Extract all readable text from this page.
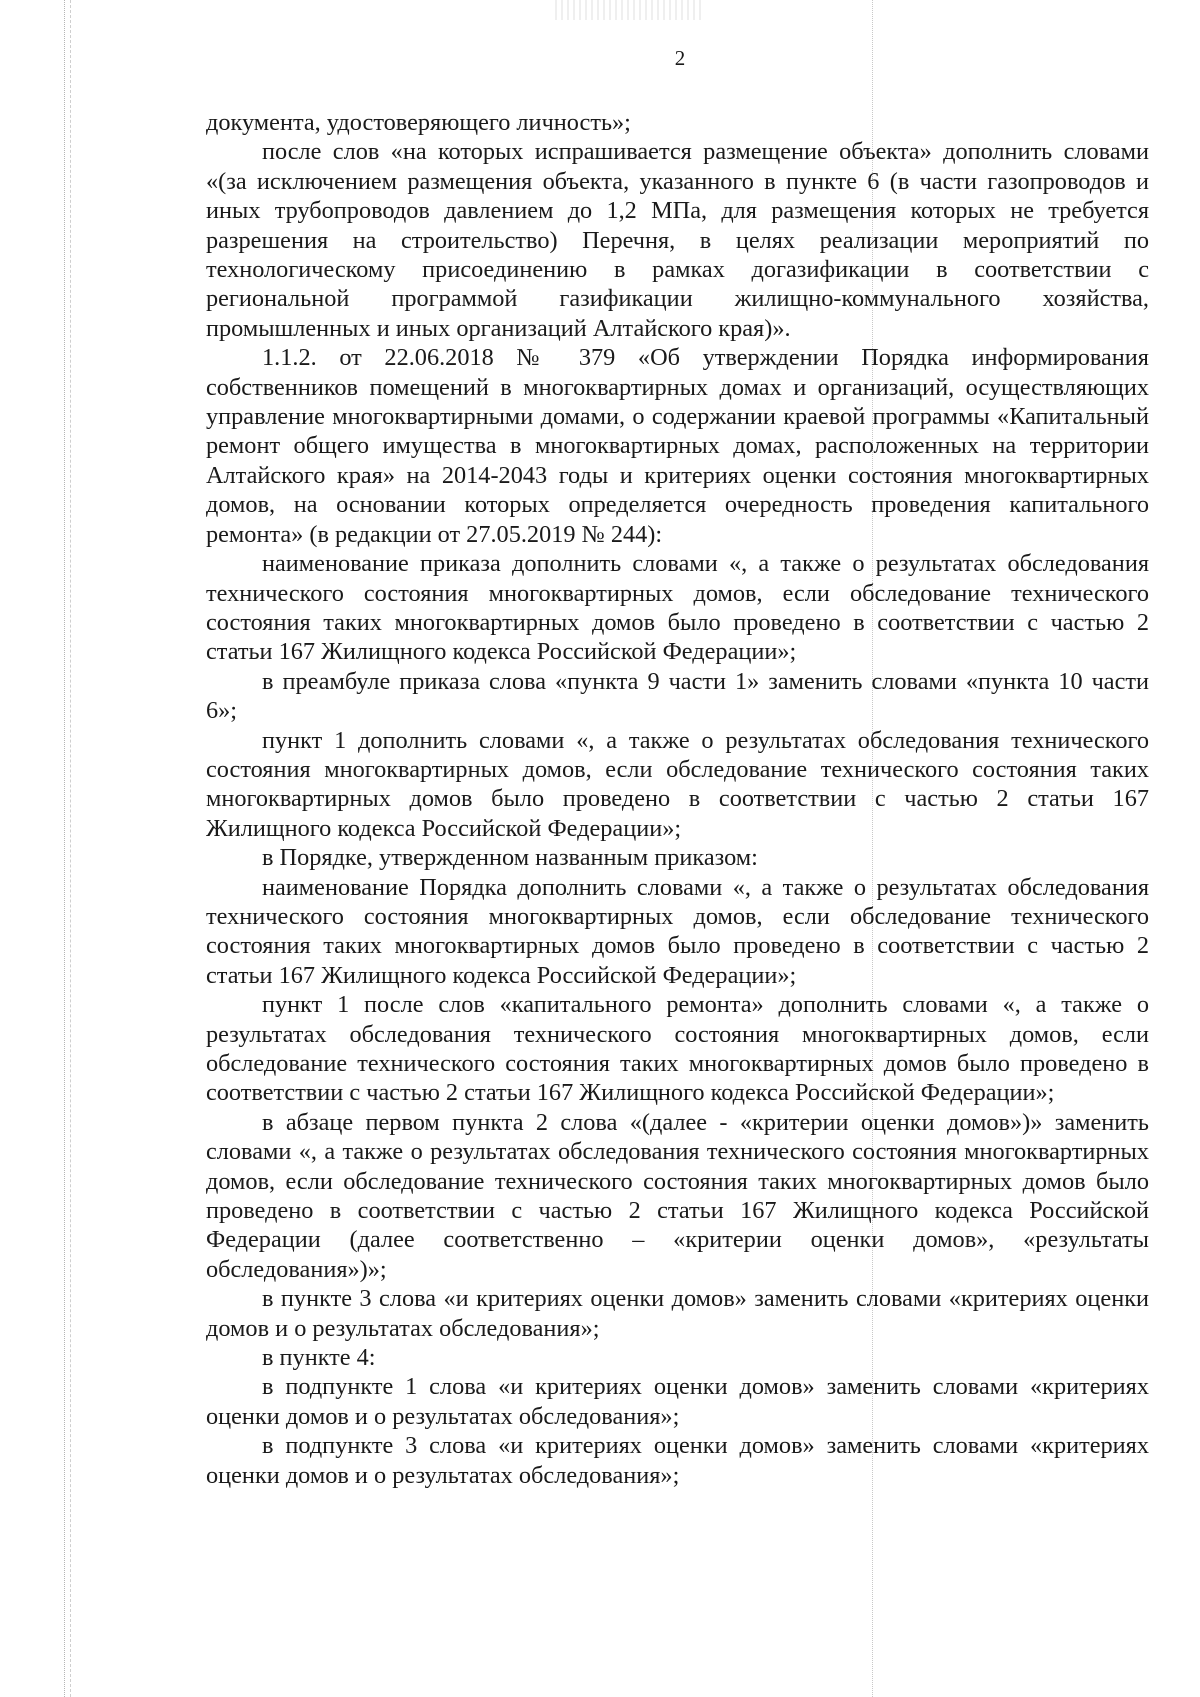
2

документа, удостоверяющего личность»;

после слов «на которых испрашивается размещение объекта» дополнить словами «(за исключением размещения объекта, указанного в пункте 6 (в части газопроводов и иных трубопроводов давлением до 1,2 МПа, для размещения которых не требуется разрешения на строительство) Перечня, в целях реализации мероприятий по технологическому присоединению в рамках догазификации в соответствии с региональной программой газификации жилищно-коммунального хозяйства, промышленных и иных организаций Алтайского края)».

1.1.2. от 22.06.2018 № 379 «Об утверждении Порядка информирования собственников помещений в многоквартирных домах и организаций, осуществляющих управление многоквартирными домами, о содержании краевой программы «Капитальный ремонт общего имущества в многоквартирных домах, расположенных на территории Алтайского края» на 2014-2043 годы и критериях оценки состояния многоквартирных домов, на основании которых определяется очередность проведения капитального ремонта» (в редакции от 27.05.2019 № 244):

наименование приказа дополнить словами «, а также о результатах обследования технического состояния многоквартирных домов, если обследование технического состояния таких многоквартирных домов было проведено в соответствии с частью 2 статьи 167 Жилищного кодекса Российской Федерации»;

в преамбуле приказа слова «пункта 9 части 1» заменить словами «пункта 10 части 6»;

пункт 1 дополнить словами «, а также о результатах обследования технического состояния многоквартирных домов, если обследование технического состояния таких многоквартирных домов было проведено в соответствии с частью 2 статьи 167 Жилищного кодекса Российской Федерации»;

в Порядке, утвержденном названным приказом:

наименование Порядка дополнить словами «, а также о результатах обследования технического состояния многоквартирных домов, если обследование технического состояния таких многоквартирных домов было проведено в соответствии с частью 2 статьи 167 Жилищного кодекса Российской Федерации»;

пункт 1 после слов «капитального ремонта» дополнить словами «, а также о результатах обследования технического состояния многоквартирных домов, если обследование технического состояния таких многоквартирных домов было проведено в соответствии с частью 2 статьи 167 Жилищного кодекса Российской Федерации»;

в абзаце первом пункта 2 слова «(далее - «критерии оценки домов»)» заменить словами «, а также о результатах обследования технического состояния многоквартирных домов, если обследование технического состояния таких многоквартирных домов было проведено в соответствии с частью 2 статьи 167 Жилищного кодекса Российской Федерации (далее соответственно – «критерии оценки домов», «результаты обследования»)»;

в пункте 3 слова «и критериях оценки домов» заменить словами «критериях оценки домов и о результатах обследования»;

в пункте 4:

в подпункте 1 слова «и критериях оценки домов» заменить словами «критериях оценки домов и о результатах обследования»;

в подпункте 3 слова «и критериях оценки домов» заменить словами «критериях оценки домов и о результатах обследования»;
